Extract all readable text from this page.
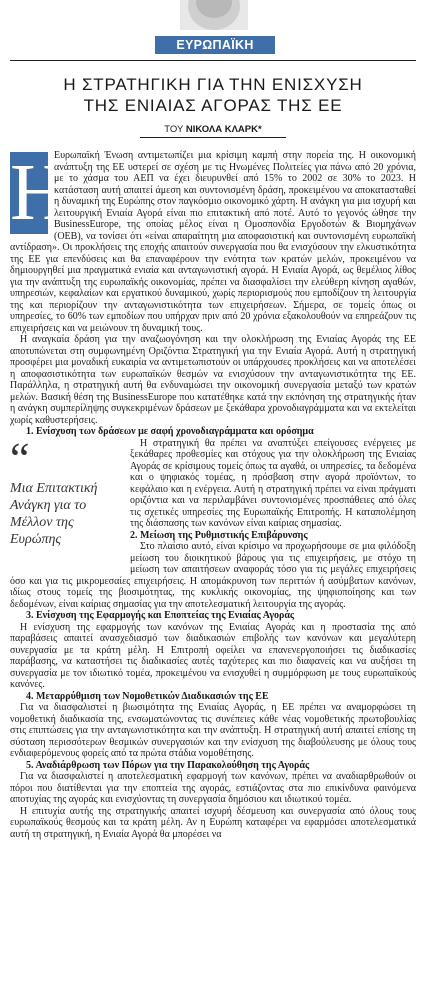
ΕΥΡΩΠΑΪΚΗ ΕΝΩΣΗ
Η ΣΤΡΑΤΗΓΙΚΗ ΓΙΑ ΤΗΝ ΕΝΙΣΧΥΣΗ
ΤΗΣ ΕΝΙΑΙΑΣ ΑΓΟΡΑΣ ΤΗΣ ΕΕ
ΤΟΥ ΝΙΚΟΛΑ ΚΛΑΡΚ*
Η

Ευρωπαϊκή Ένωση αντιμετωπίζει μια κρίσιμη καμπή στην πορεία της. Η οικονομική ανάπτυξη της ΕΕ υστερεί σε σχέση με τις Ηνωμένες Πολιτείες για πάνω από 20 χρόνια, με το χάσμα του ΑΕΠ να έχει διευρυνθεί από 15% το 2002 σε 30% το 2023. Η κατάσταση αυτή απαιτεί άμεση και συντονισμένη δράση, προκειμένου να αποκατασταθεί η δυναμική της Ευρώπης στον παγκόσμιο οικονομικό χάρτη. Η ανάγκη για μια ισχυρή και λειτουργική Ενιαία Αγορά είναι πιο επιτακτική από ποτέ. Αυτό το γεγονός ώθησε την BusinessEurope, της οποίας μέλος είναι η Ομοσπονδία Εργοδοτών & Βιομηχάνων (ΟΕΒ), να τονίσει ότι «είναι απαραίτητη μια αποφασιστική και συντονισμένη ευρωπαϊκή αντίδραση». Οι προκλήσεις της εποχής απαιτούν συνεργασία που θα ενισχύσουν την ελκυστικότητα της ΕΕ για επενδύσεις και θα επαναφέρουν την ενότητα των κρατών μελών, προκειμένου να δημιουργηθεί μια πραγματικά ενιαία και ανταγωνιστική αγορά. Η Ενιαία Αγορά, ως θεμέλιος λίθος για την ανάπτυξη της ευρωπαϊκής οικονομίας, πρέπει να διασφαλίσει την ελεύθερη κίνηση αγαθών, υπηρεσιών, κεφαλαίων και εργατικού δυναμικού, χωρίς περιορισμούς που εμποδίζουν τη λειτουργία της και περιορίζουν την ανταγωνιστικότητα των επιχειρήσεων. Σήμερα, σε τομείς όπως οι υπηρεσίες, το 60% των εμποδίων που υπήρχαν πριν από 20 χρόνια εξακολουθούν να επηρεάζουν τις επιχειρήσεις και να μειώνουν τη δυναμική τους.

Η αναγκαία δράση για την αναζωογόνηση και την ολοκλήρωση της Ενιαίας Αγοράς της ΕΕ αποτυπώνεται στη συμφωνημένη Οριζόντια Στρατηγική για την Ενιαία Αγορά. Αυτή η στρατηγική προσφέρει μια μοναδική ευκαιρία να αντιμετωπιστούν οι υπάρχουσες προκλήσεις και να αποτελέσει η αποφασιστικότητα των ευρωπαϊκών θεσμών να ενισχύσουν την ανταγωνιστικότητα της ΕΕ. Παράλληλα, η στρατηγική αυτή θα ενδυναμώσει την οικονομική συνεργασία μεταξύ των κρατών μελών. Βασική θέση της BusinessEurope που κατατέθηκε κατά την εκπόνηση της στρατηγικής ήταν η ανάγκη συμπερίληψης συγκεκριμένων δράσεων με ξεκάθαρα χρονοδιαγράμματα και να εκτελείται χωρίς καθυστερήσεις.

1. Ενίσχυση των δράσεων με σαφή χρονοδιαγράμματα και ορόσημα
“
Μια Επιτακτική Ανάγκη για το Μέλλον της Ευρώπης

Η στρατηγική θα πρέπει να αναπτύξει επείγουσες ενέργειες με ξεκάθαρες προθεσμίες και στόχους για την ολοκλήρωση της Ενιαίας Αγοράς σε κρίσιμους τομείς όπως τα αγαθά, οι υπηρεσίες, τα δεδομένα και ο ψηφιακός τομέας, η πρόσβαση στην αγορά προϊόντων, το κεφάλαιο και η ενέργεια. Αυτή η στρατηγική πρέπει να είναι πράγματι οριζόντια και να περιλαμβάνει συντονισμένες προσπάθειες από όλες τις σχετικές υπηρεσίες της Ευρωπαϊκής Επιτροπής. Η καταπολέμηση της διάσπασης των κανόνων είναι καίριας σημασίας.

2. Μείωση της Ρυθμιστικής Επιβάρυνσης

Στο πλαίσιο αυτό, είναι κρίσιμο να προχωρήσουμε σε μια φιλόδοξη μείωση του διοικητικού βάρους για τις επιχειρήσεις, με στόχο τη μείωση των απαιτήσεων αναφοράς τόσο για τις μεγάλες επιχειρήσεις όσο και για τις μικρομεσαίες επιχειρήσεις. Η απομάκρυνση των περιττών ή ασύμβατων κανόνων, ιδίως στους τομείς της βιοσιμότητας, της κυκλικής οικονομίας, της ψηφιοποίησης και των δεδομένων, είναι καίριας σημασίας για την αποτελεσματική λειτουργία της αγοράς.

3. Ενίσχυση της Εφαρμογής και Εποπτείας της Ενιαίας Αγοράς

Η ενίσχυση της εφαρμογής των κανόνων της Ενιαίας Αγοράς και η προστασία της από παραβάσεις απαιτεί ανασχεδιασμό των διαδικασιών επιβολής των κανόνων και μεγαλύτερη συνεργασία με τα κράτη μέλη. Η Επιτροπή οφείλει να επανενεργοποιήσει τις διαδικασίες παράβασης, να καταστήσει τις διαδικασίες αυτές ταχύτερες και πιο διαφανείς και να αυξήσει τη συνεργασία με τον ιδιωτικό τομέα, προκειμένου να ενισχυθεί η συμμόρφωση με τους ευρωπαϊκούς κανόνες.

4. Μεταρρύθμιση των Νομοθετικών Διαδικασιών της ΕΕ

Για να διασφαλιστεί η βιωσιμότητα της Ενιαίας Αγοράς, η ΕΕ πρέπει να αναμορφώσει τη νομοθετική διαδικασία της, ενσωματώνοντας τις συνέπειες κάθε νέας νομοθετικής πρωτοβουλίας στις επιπτώσεις για την ανταγωνιστικότητα και την ανάπτυξη. Η στρατηγική αυτή απαιτεί επίσης τη σύσταση περισσότερων θεσμικών συνεργασιών και την ενίσχυση της διαβούλευσης με όλους τους ενδιαφερόμενους φορείς από τα πρώτα στάδια νομοθέτησης.

5. Αναδιάρθρωση των Πόρων για την Παρακολούθηση της Αγοράς

Για να διασφαλιστεί η αποτελεσματική εφαρμογή των κανόνων, πρέπει να αναδιαρθρωθούν οι πόροι που διατίθενται για την εποπτεία της αγοράς, εστιάζοντας στα πιο επικίνδυνα φαινόμενα αποτυχίας της αγοράς και ενισχύοντας τη συνεργασία δημόσιου και ιδιωτικού τομέα.

Η επιτυχία αυτής της στρατηγικής απαιτεί ισχυρή δέσμευση και συνεργασία από όλους τους ευρωπαϊκούς θεσμούς και τα κράτη μέλη. Αν η Ευρώπη καταφέρει να εφαρμόσει αποτελεσματικά αυτή τη στρατηγική, η Ενιαία Αγορά θα μπορέσει να
